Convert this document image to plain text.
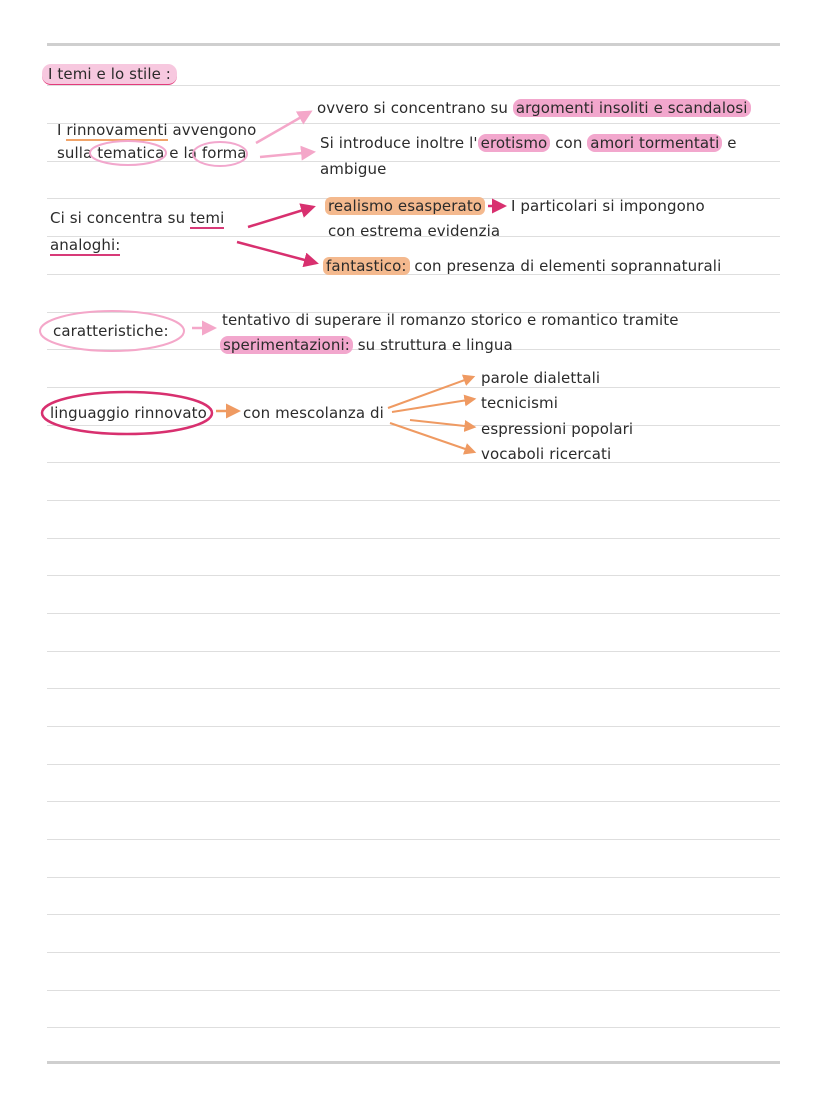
I temi e lo stile :
I rinnovamenti avvengono
sulla tematica e la forma
ovvero si concentrano su argomenti insoliti e scandalosi
Si introduce inoltre l' erotismo con amori tormentati e
ambigue
Ci si concentra su temi
analoghi:
realismo esasperato I particolari si impongono
con estrema evidenzia
fantastico: con presenza di elementi soprannaturali
caratteristiche:
tentativo di superare il romanzo storico e romantico tramite
sperimentazioni: su struttura e lingua
linguaggio rinnovato con mescolanza di
parole dialettali
tecnicismi
espressioni popolari
vocaboli ricercati
